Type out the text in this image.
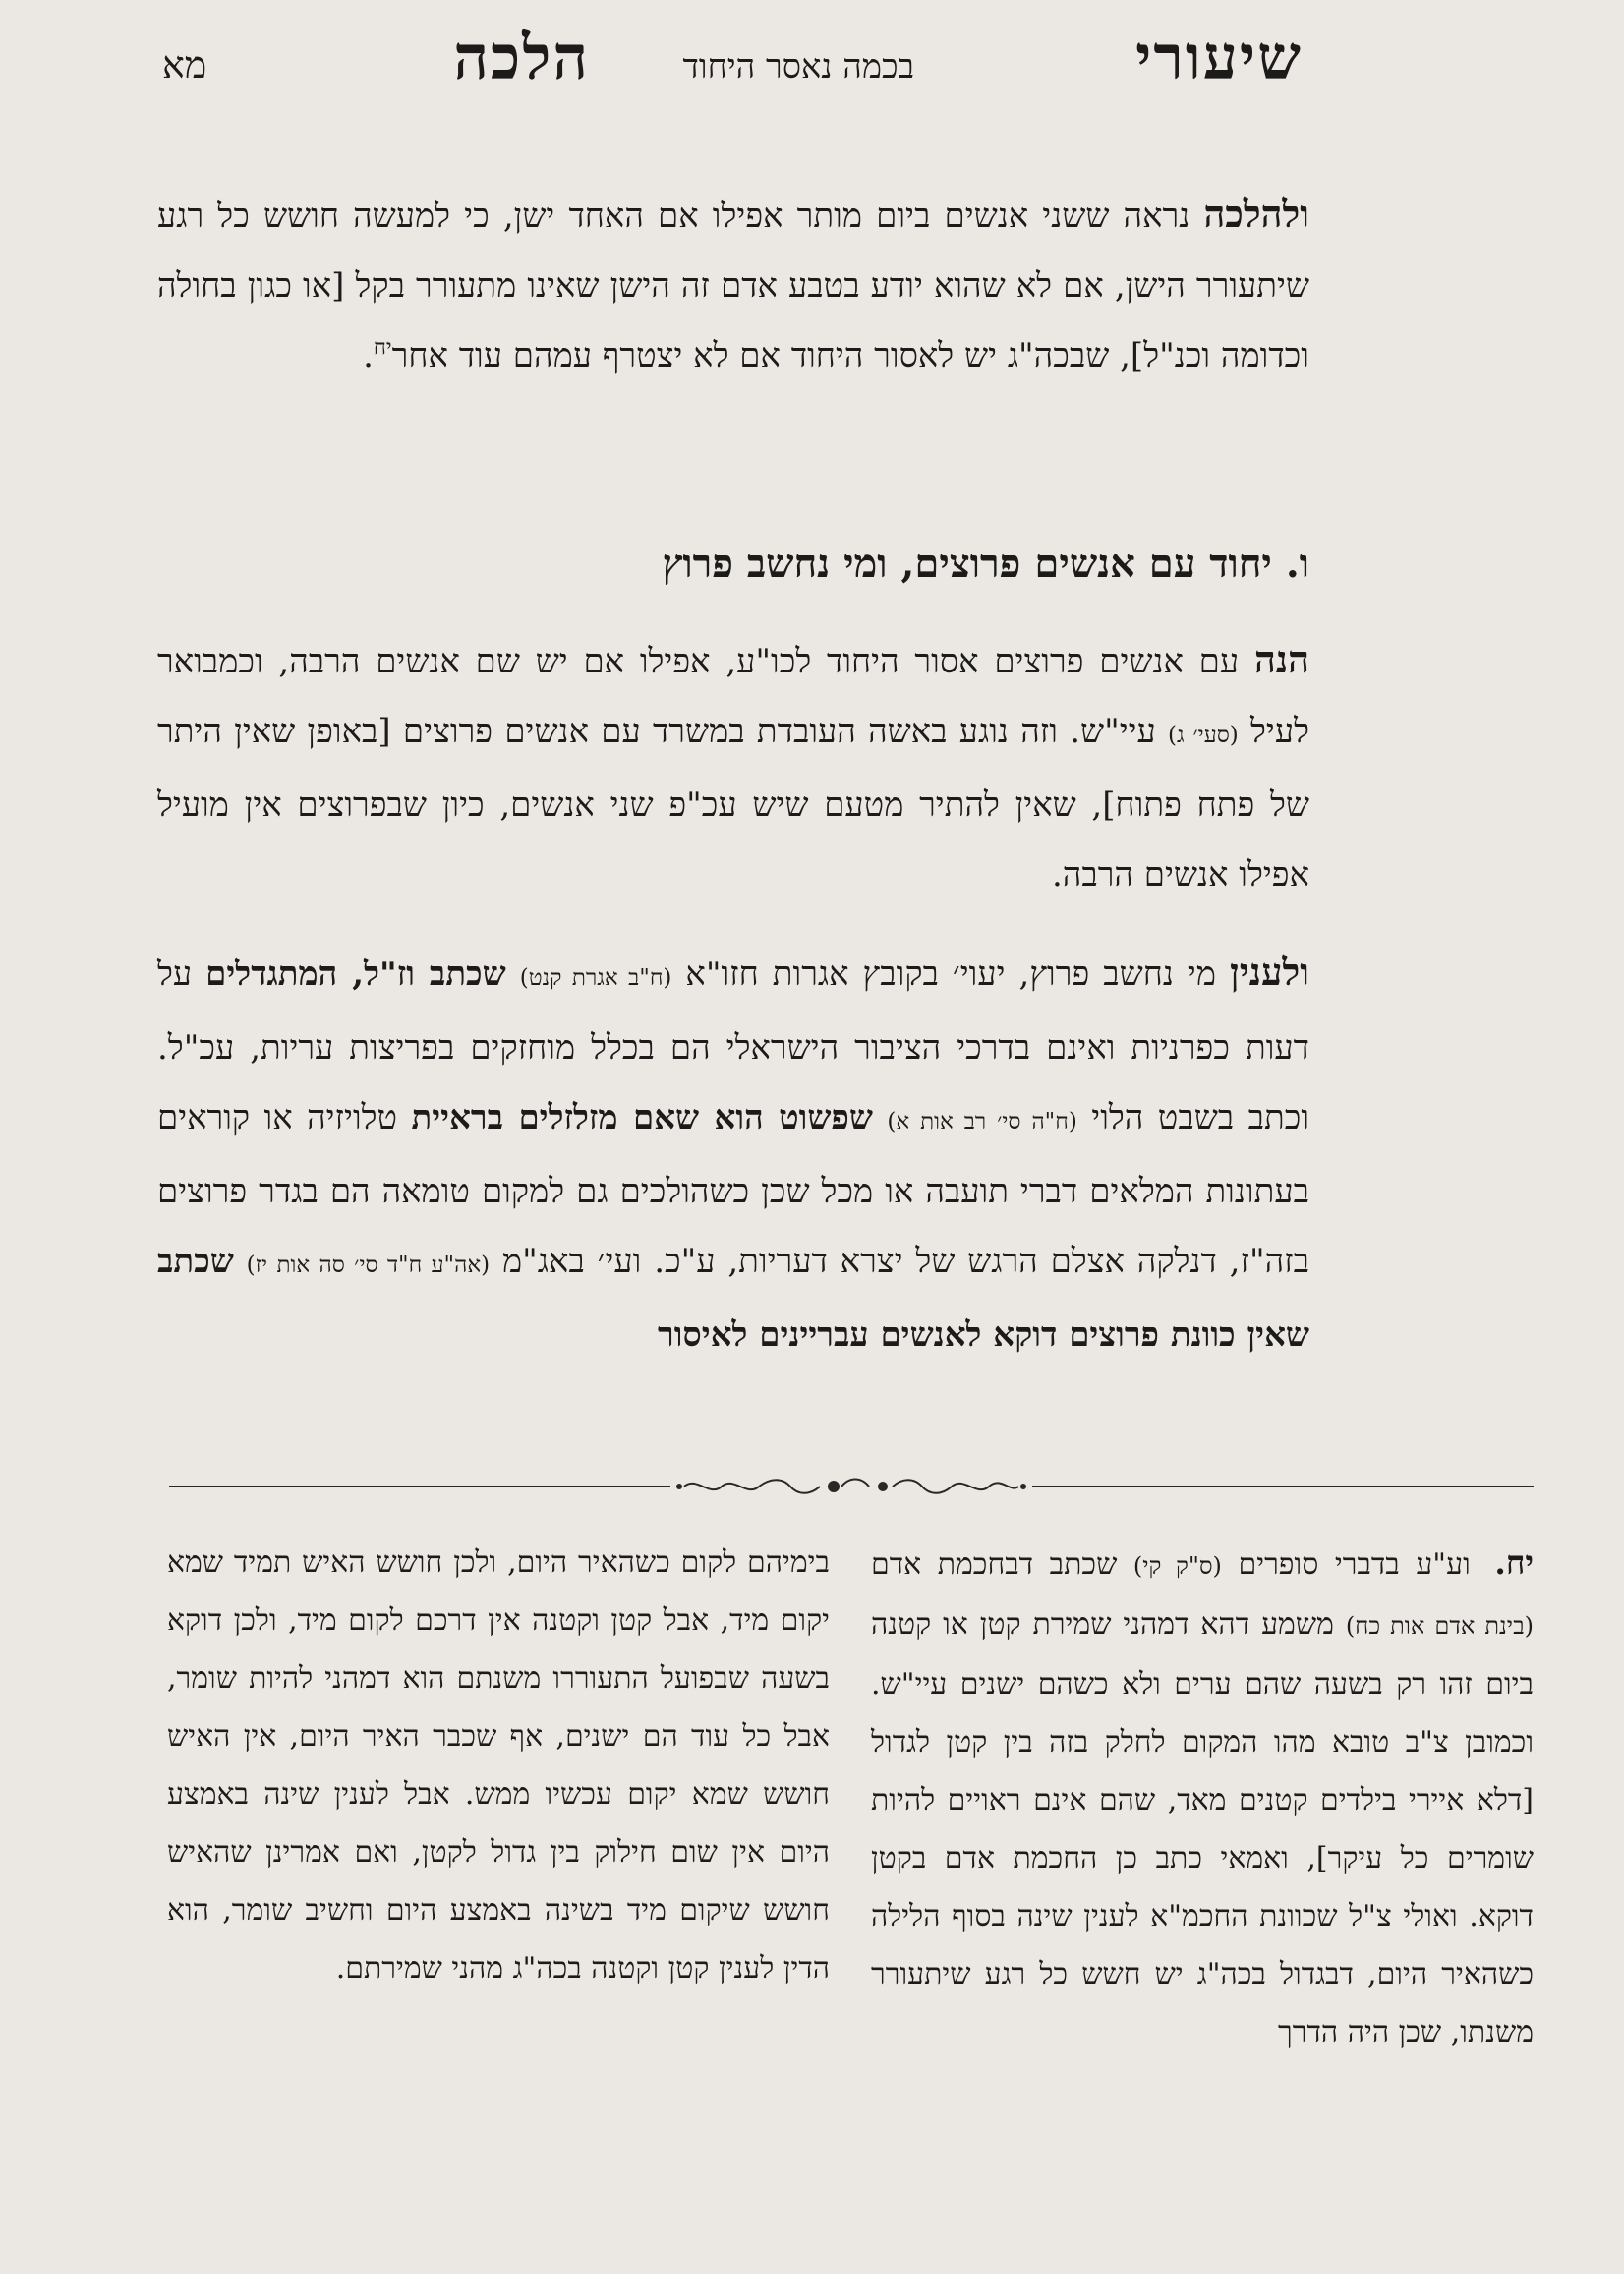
שיעורי
בכמה נאסר היחוד
הלכה
מא

ולהלכה נראה ששני אנשים ביום מותר אפילו אם האחד ישן, כי למעשה חושש כל רגע שיתעורר הישן, אם לא שהוא יודע בטבע אדם זה הישן שאינו מתעורר בקל [או כגון בחולה וכדומה וכנ"ל], שבכה"ג יש לאסור היחוד אם לא יצטרף עמהם עוד אחר$^{יח}$.

ו. יחוד עם אנשים פרוצים, ומי נחשב פרוץ

הנה עם אנשים פרוצים אסור היחוד לכו"ע, אפילו אם יש שם אנשים הרבה, וכמבואר לעיל (סעי׳ ג) עיי"ש. וזה נוגע באשה העובדת במשרד עם אנשים פרוצים [באופן שאין היתר של פתח פתוח], שאין להתיר מטעם שיש עכ"פ שני אנשים, כיון שבפרוצים אין מועיל אפילו אנשים הרבה.

ולענין מי נחשב פרוץ, יעוי׳ בקובץ אגרות חזו"א (ח"ב אגרת קנט) שכתב וז"ל, המתגדלים על דעות כפרניות ואינם בדרכי הציבור הישראלי הם בכלל מוחזקים בפריצות עריות, עכ"ל. וכתב בשבט הלוי (ח"ה סי׳ רב אות א) שפשוט הוא שאם מזלזלים בראיית טלויזיה או קוראים בעתונות המלאים דברי תועבה או מכל שכן כשהולכים גם למקום טומאה הם בגדר פרוצים בזה"ז, דנלקה אצלם הרגש של יצרא דעריות, ע"כ. ועי׳ באג"מ (אה"ע ח"ד סי׳ סה אות יז) שכתב שאין כוונת פרוצים דוקא לאנשים עבריינים לאיסור

יח. וע"ע בדברי סופרים (ס"ק קי) שכתב דבחכמת אדם (בינת אדם אות כח) משמע דהא דמהני שמירת קטן או קטנה ביום זהו רק בשעה שהם ערים ולא כשהם ישנים עיי"ש. וכמובן צ"ב טובא מהו המקום לחלק בזה בין קטן לגדול [דלא איירי בילדים קטנים מאד, שהם אינם ראויים להיות שומרים כל עיקר], ואמאי כתב כן החכמת אדם בקטן דוקא. ואולי צ"ל שכוונת החכמ"א לענין שינה בסוף הלילה כשהאיר היום, דבגדול בכה"ג יש חשש כל רגע שיתעורר משנתו, שכן היה הדרך

בימיהם לקום כשהאיר היום, ולכן חושש האיש תמיד שמא יקום מיד, אבל קטן וקטנה אין דרכם לקום מיד, ולכן דוקא בשעה שבפועל התעוררו משנתם הוא דמהני להיות שומר, אבל כל עוד הם ישנים, אף שכבר האיר היום, אין האיש חושש שמא יקום עכשיו ממש. אבל לענין שינה באמצע היום אין שום חילוק בין גדול לקטן, ואם אמרינן שהאיש חושש שיקום מיד בשינה באמצע היום וחשיב שומר, הוא הדין לענין קטן וקטנה בכה"ג מהני שמירתם.
